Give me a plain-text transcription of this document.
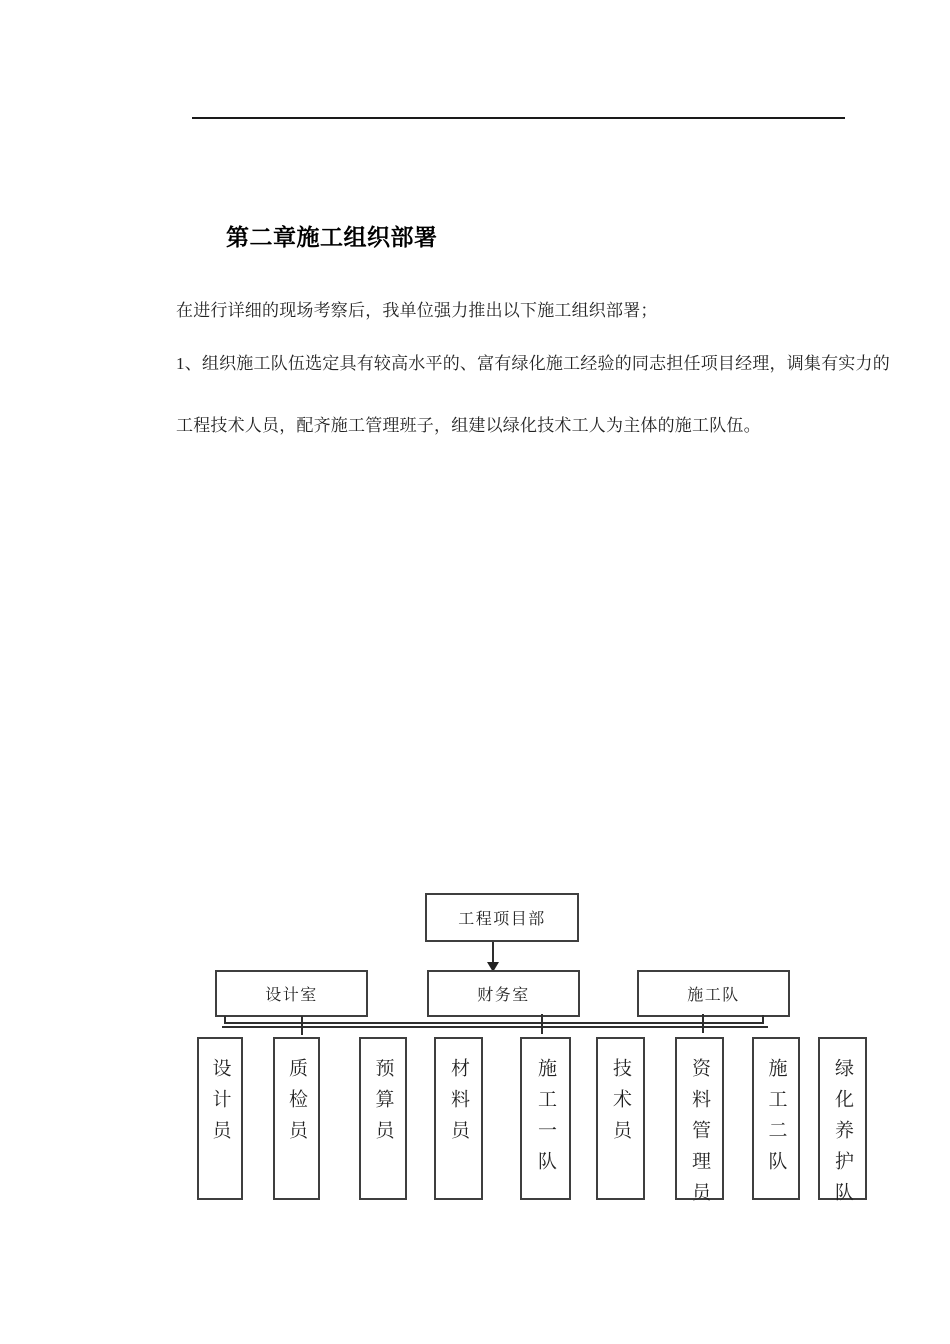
第二章施工组织部署

在进行详细的现场考察后，我单位强力推出以下施工组织部署；

1、组织施工队伍选定具有较高水平的、富有绿化施工经验的同志担任项目经理，调集有实力的

工程技术人员，配齐施工管理班子，组建以绿化技术工人为主体的施工队伍。

工程项目部
设计室	财务室	施工队
设计员	质检员	预算员	材料员	施工一队	技术员	资料管理员	施工二队 绿化养护队
